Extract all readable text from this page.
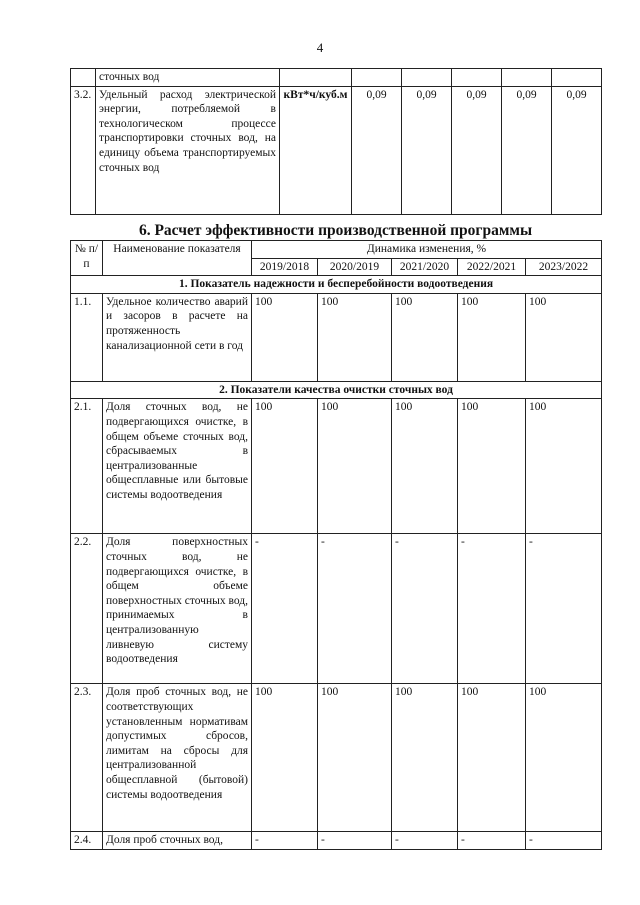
4
	сточных вод						
3.2.	Удельный расход электрической энергии, потребляемой в технологическом процессе транспортировки сточных вод, на единицу объема транспортируемых сточных вод	кВт*ч/куб.м	0,09	0,09	0,09	0,09	0,09
6. Расчет эффективности производственной программы
№ п/п	Наименование показателя	Динамика изменения, %				
		2019/2018	2020/2019	2021/2020	2022/2021	2023/2022
1. Показатель надежности и бесперебойности водоотведения						
1.1.	Удельное количество аварий и засоров в расчете на протяженность канализационной сети в год	100	100	100	100	100
2. Показатели качества очистки сточных вод						
2.1.	Доля сточных вод, не подвергающихся очистке, в общем объеме сточных вод, сбрасываемых в централизованные общесплавные или бытовые системы водоотведения	100	100	100	100	100
2.2.	Доля поверхностных сточных вод, не подвергающихся очистке, в общем объеме поверхностных сточных вод, принимаемых в централизованную ливневую систему водоотведения	-	-	-	-	-
2.3.	Доля проб сточных вод, не соответствующих установленным нормативам допустимых сбросов, лимитам на сбросы для централизованной общесплавной (бытовой) системы водоотведения	100	100	100	100	100
2.4.	Доля проб сточных вод,	-	-	-	-	-
